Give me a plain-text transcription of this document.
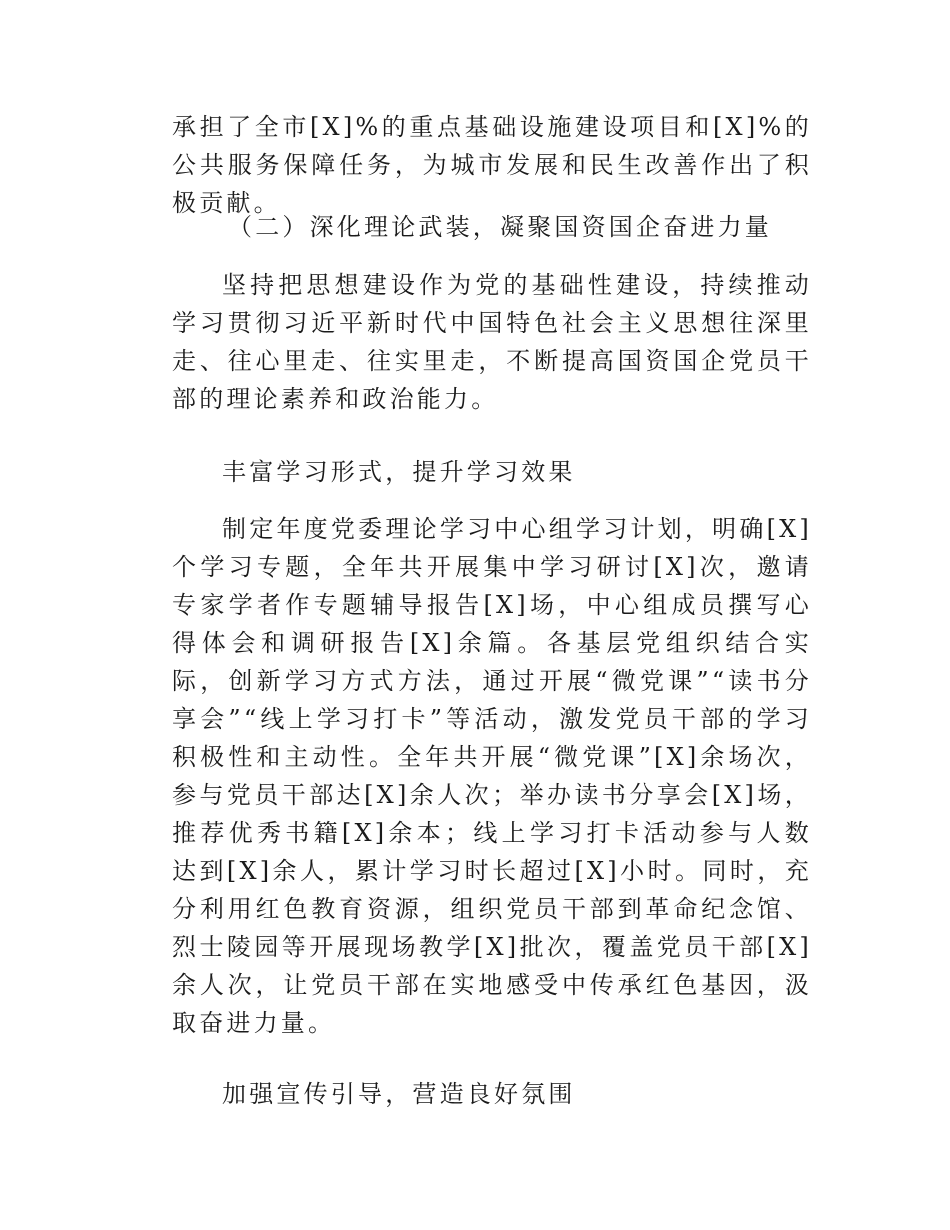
承担了全市[X]%的重点基础设施建设项目和[X]%的公共服务保障任务，为城市发展和民生改善作出了积极贡献。

（二）深化理论武装，凝聚国资国企奋进力量

坚持把思想建设作为党的基础性建设，持续推动学习贯彻习近平新时代中国特色社会主义思想往深里走、往心里走、往实里走，不断提高国资国企党员干部的理论素养和政治能力。

丰富学习形式，提升学习效果

制定年度党委理论学习中心组学习计划，明确[X]个学习专题，全年共开展集中学习研讨[X]次，邀请专家学者作专题辅导报告[X]场，中心组成员撰写心得体会和调研报告[X]余篇。各基层党组织结合实际，创新学习方式方法，通过开展“微党课”“读书分享会”“线上学习打卡”等活动，激发党员干部的学习积极性和主动性。全年共开展“微党课”[X]余场次，参与党员干部达[X]余人次；举办读书分享会[X]场，推荐优秀书籍[X]余本；线上学习打卡活动参与人数达到[X]余人，累计学习时长超过[X]小时。同时，充分利用红色教育资源，组织党员干部到革命纪念馆、烈士陵园等开展现场教学[X]批次，覆盖党员干部[X]余人次，让党员干部在实地感受中传承红色基因，汲取奋进力量。

加强宣传引导，营造良好氛围
